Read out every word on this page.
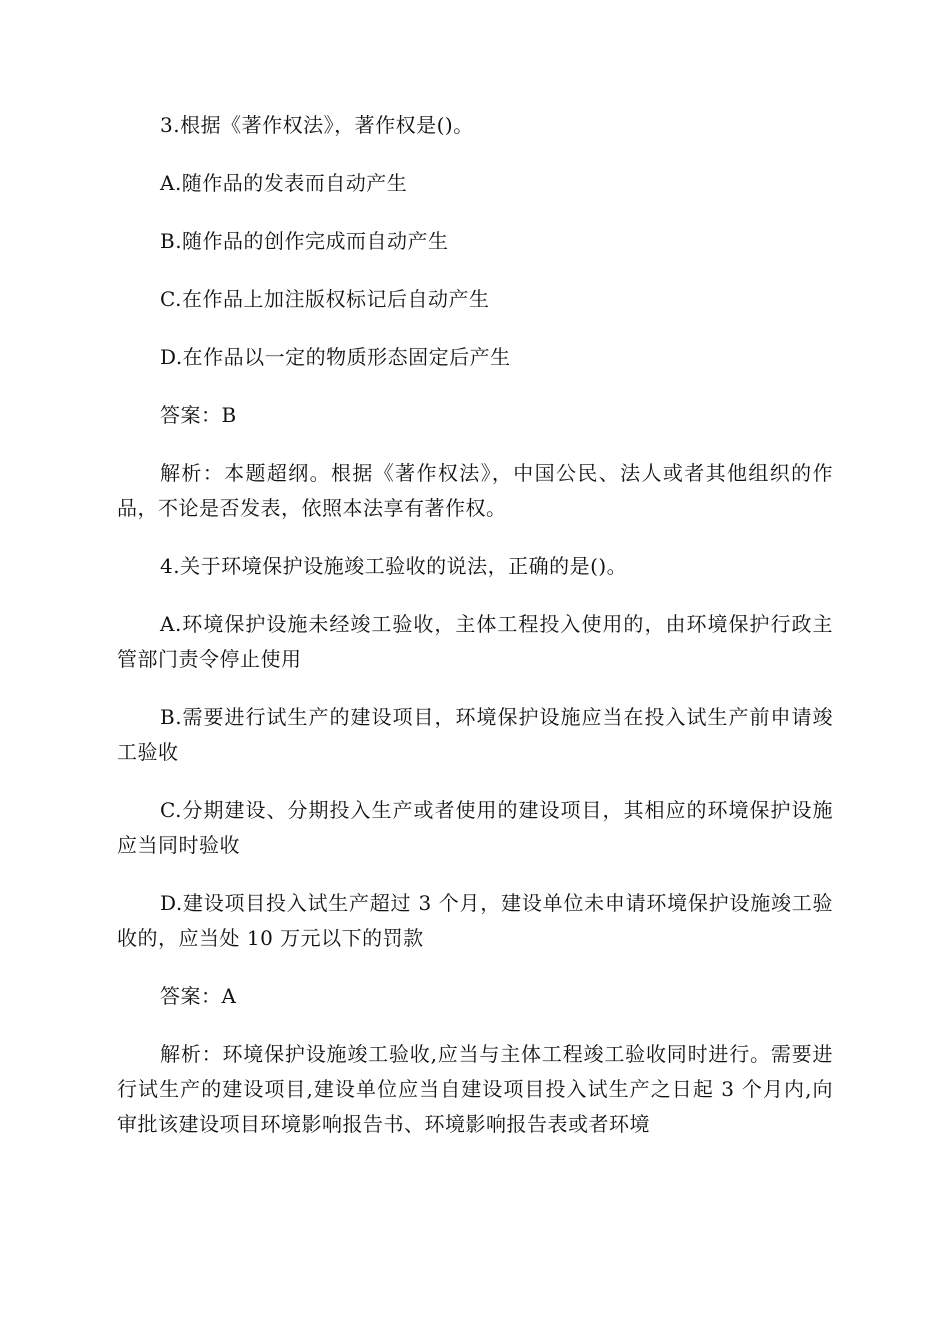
3.根据《著作权法》，著作权是()。

A.随作品的发表而自动产生

B.随作品的创作完成而自动产生

C.在作品上加注版权标记后自动产生

D.在作品以一定的物质形态固定后产生

答案：B

解析：本题超纲。根据《著作权法》，中国公民、法人或者其他组织的作品，不论是否发表，依照本法享有著作权。

4.关于环境保护设施竣工验收的说法，正确的是()。

A.环境保护设施未经竣工验收，主体工程投入使用的，由环境保护行政主管部门责令停止使用

B.需要进行试生产的建设项目，环境保护设施应当在投入试生产前申请竣工验收

C.分期建设、分期投入生产或者使用的建设项目，其相应的环境保护设施应当同时验收

D.建设项目投入试生产超过 3 个月，建设单位未申请环境保护设施竣工验收的，应当处 10 万元以下的罚款

答案：A

解析：环境保护设施竣工验收,应当与主体工程竣工验收同时进行。需要进行试生产的建设项目,建设单位应当自建设项目投入试生产之日起 3 个月内,向审批该建设项目环境影响报告书、环境影响报告表或者环境
